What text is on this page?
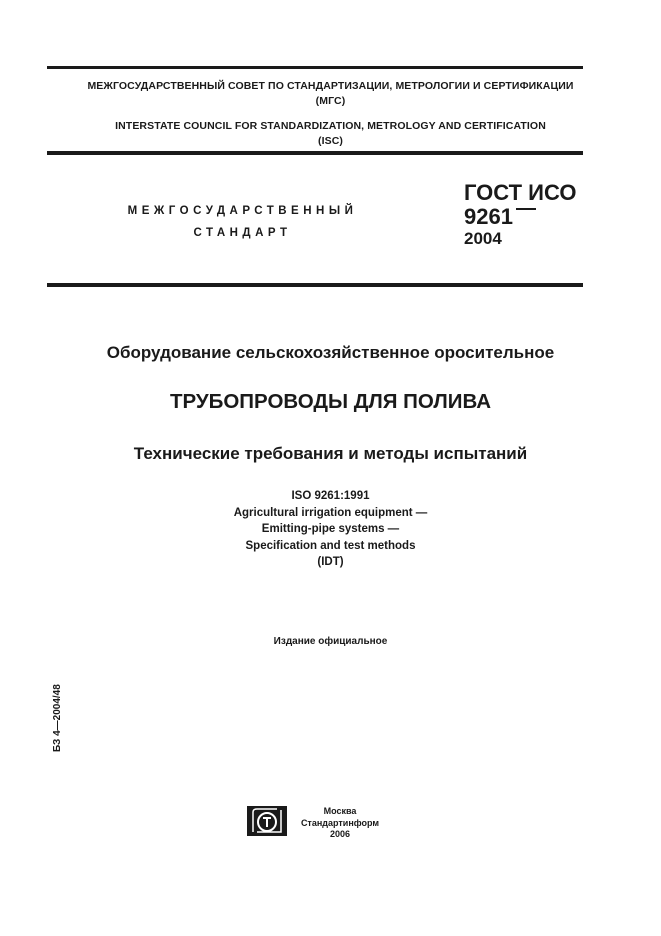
МЕЖГОСУДАРСТВЕННЫЙ СОВЕТ ПО СТАНДАРТИЗАЦИИ, МЕТРОЛОГИИ И СЕРТИФИКАЦИИ
(МГС)
INTERSTATE COUNCIL FOR STANDARDIZATION, METROLOGY AND CERTIFICATION
(ISC)
МЕЖГОСУДАРСТВЕННЫЙ
СТАНДАРТ
ГОСТ ИСО
9261
2004
Оборудование сельскохозяйственное оросительное
ТРУБОПРОВОДЫ ДЛЯ ПОЛИВА
Технические требования и методы испытаний
ISO 9261:1991
Agricultural irrigation equipment —
Emitting-pipe systems —
Specification and test methods
(IDT)
Издание официальное
БЗ 4—2004/48
Москва
Стандартинформ
2006
